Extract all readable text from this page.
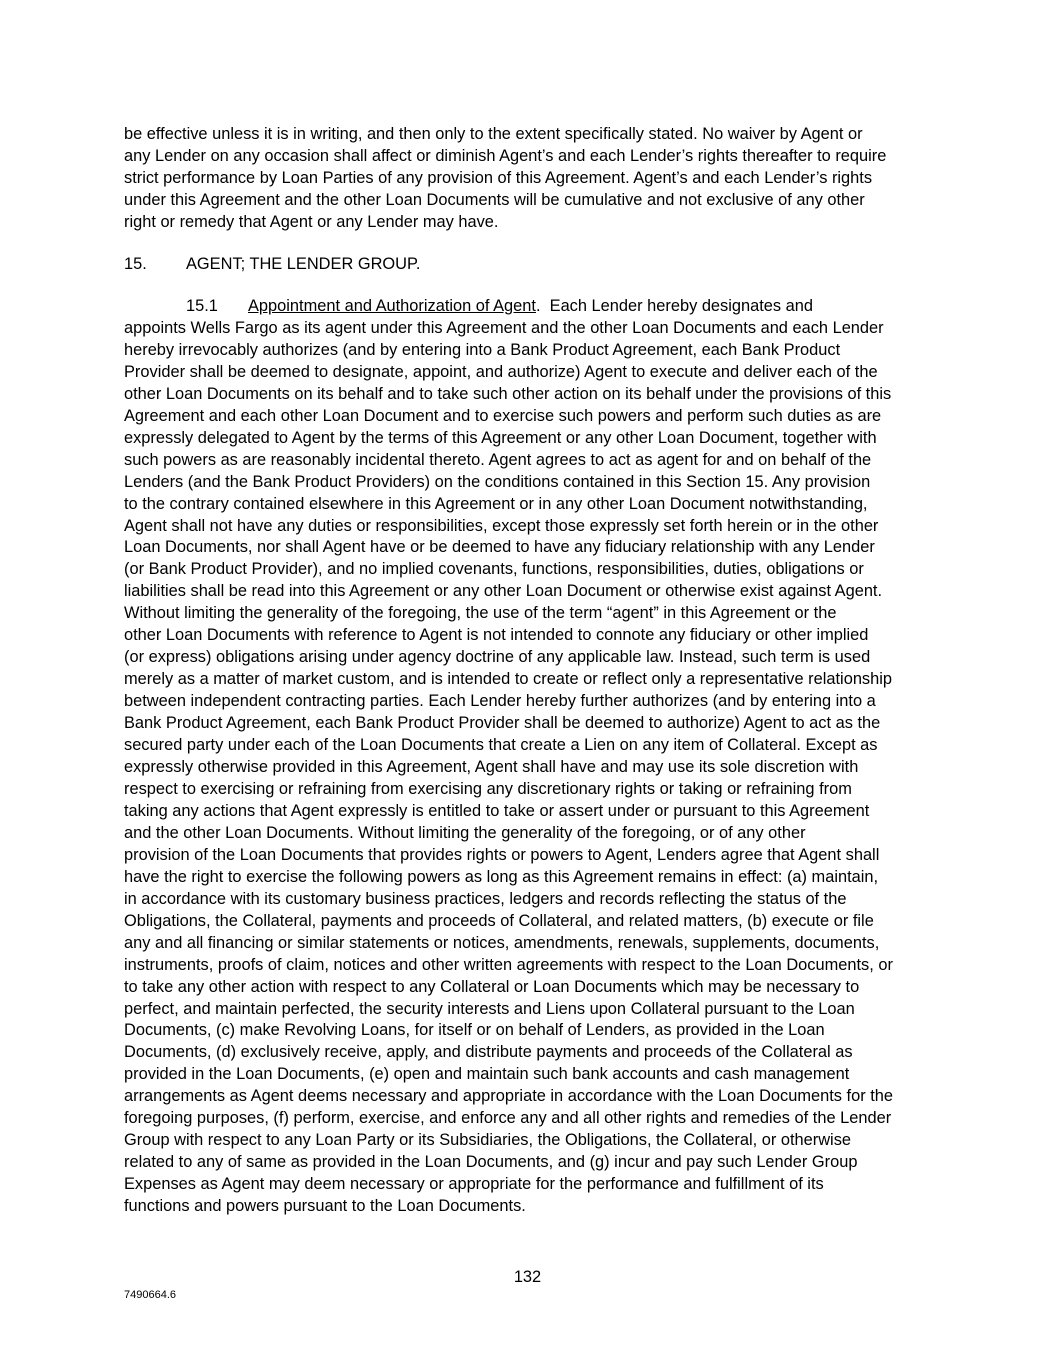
be effective unless it is in writing, and then only to the extent specifically stated. No waiver by Agent or
any Lender on any occasion shall affect or diminish Agent’s and each Lender’s rights thereafter to require
strict performance by Loan Parties of any provision of this Agreement. Agent’s and each Lender’s rights
under this Agreement and the other Loan Documents will be cumulative and not exclusive of any other
right or remedy that Agent or any Lender may have.
15. AGENT; THE LENDER GROUP.
15.1 Appointment and Authorization of Agent.  Each Lender hereby designates and
appoints Wells Fargo as its agent under this Agreement and the other Loan Documents and each Lender
hereby irrevocably authorizes (and by entering into a Bank Product Agreement, each Bank Product
Provider shall be deemed to designate, appoint, and authorize) Agent to execute and deliver each of the
other Loan Documents on its behalf and to take such other action on its behalf under the provisions of this
Agreement and each other Loan Document and to exercise such powers and perform such duties as are
expressly delegated to Agent by the terms of this Agreement or any other Loan Document, together with
such powers as are reasonably incidental thereto. Agent agrees to act as agent for and on behalf of the
Lenders (and the Bank Product Providers) on the conditions contained in this Section 15. Any provision
to the contrary contained elsewhere in this Agreement or in any other Loan Document notwithstanding,
Agent shall not have any duties or responsibilities, except those expressly set forth herein or in the other
Loan Documents, nor shall Agent have or be deemed to have any fiduciary relationship with any Lender
(or Bank Product Provider), and no implied covenants, functions, responsibilities, duties, obligations or
liabilities shall be read into this Agreement or any other Loan Document or otherwise exist against Agent.
Without limiting the generality of the foregoing, the use of the term “agent” in this Agreement or the
other Loan Documents with reference to Agent is not intended to connote any fiduciary or other implied
(or express) obligations arising under agency doctrine of any applicable law. Instead, such term is used
merely as a matter of market custom, and is intended to create or reflect only a representative relationship
between independent contracting parties. Each Lender hereby further authorizes (and by entering into a
Bank Product Agreement, each Bank Product Provider shall be deemed to authorize) Agent to act as the
secured party under each of the Loan Documents that create a Lien on any item of Collateral. Except as
expressly otherwise provided in this Agreement, Agent shall have and may use its sole discretion with
respect to exercising or refraining from exercising any discretionary rights or taking or refraining from
taking any actions that Agent expressly is entitled to take or assert under or pursuant to this Agreement
and the other Loan Documents. Without limiting the generality of the foregoing, or of any other
provision of the Loan Documents that provides rights or powers to Agent, Lenders agree that Agent shall
have the right to exercise the following powers as long as this Agreement remains in effect: (a) maintain,
in accordance with its customary business practices, ledgers and records reflecting the status of the
Obligations, the Collateral, payments and proceeds of Collateral, and related matters, (b) execute or file
any and all financing or similar statements or notices, amendments, renewals, supplements, documents,
instruments, proofs of claim, notices and other written agreements with respect to the Loan Documents, or
to take any other action with respect to any Collateral or Loan Documents which may be necessary to
perfect, and maintain perfected, the security interests and Liens upon Collateral pursuant to the Loan
Documents, (c) make Revolving Loans, for itself or on behalf of Lenders, as provided in the Loan
Documents, (d) exclusively receive, apply, and distribute payments and proceeds of the Collateral as
provided in the Loan Documents, (e) open and maintain such bank accounts and cash management
arrangements as Agent deems necessary and appropriate in accordance with the Loan Documents for the
foregoing purposes, (f) perform, exercise, and enforce any and all other rights and remedies of the Lender
Group with respect to any Loan Party or its Subsidiaries, the Obligations, the Collateral, or otherwise
related to any of same as provided in the Loan Documents, and (g) incur and pay such Lender Group
Expenses as Agent may deem necessary or appropriate for the performance and fulfillment of its
functions and powers pursuant to the Loan Documents.
132
7490664.6
